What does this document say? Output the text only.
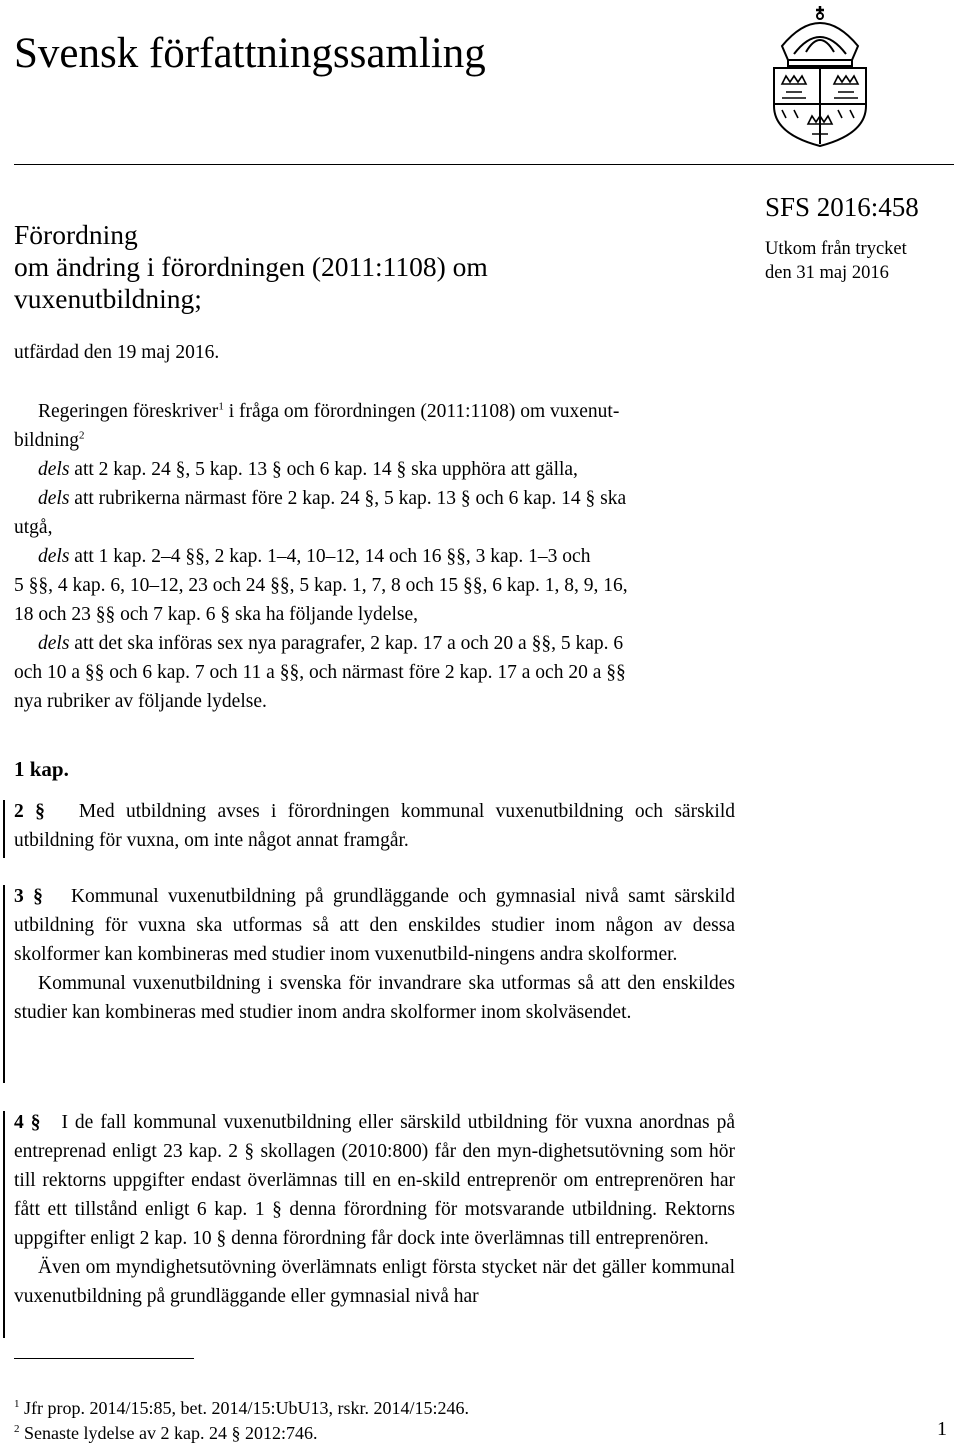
Svensk författningssamling
Förordning
om ändring i förordningen (2011:1108) om
vuxenutbildning;
SFS 2016:458
Utkom från trycket
den 31 maj 2016
utfärdad den 19 maj 2016.
Regeringen föreskriver$^1$ i fråga om förordningen (2011:1108) om vuxenut-
bildning$^2$
dels att 2 kap. 24 §, 5 kap. 13 § och 6 kap. 14 § ska upphöra att gälla,
dels att rubrikerna närmast före 2 kap. 24 §, 5 kap. 13 § och 6 kap. 14 § ska
utgå,
dels att 1 kap. 2–4 §§, 2 kap. 1–4, 10–12, 14 och 16 §§, 3 kap. 1–3 och
5 §§, 4 kap. 6, 10–12, 23 och 24 §§, 5 kap. 1, 7, 8 och 15 §§, 6 kap. 1, 8, 9, 16,
18 och 23 §§ och 7 kap. 6 § ska ha följande lydelse,
dels att det ska införas sex nya paragrafer, 2 kap. 17 a och 20 a §§, 5 kap. 6
och 10 a §§ och 6 kap. 7 och 11 a §§, och närmast före 2 kap. 17 a och 20 a §§
nya rubriker av följande lydelse.
1 kap.

2 § Med utbildning avses i förordningen kommunal vuxenutbildning och särskild utbildning för vuxna, om inte något annat framgår.

3 § Kommunal vuxenutbildning på grundläggande och gymnasial nivå samt särskild utbildning för vuxna ska utformas så att den enskildes studier inom någon av dessa skolformer kan kombineras med studier inom vuxenutbild-ningens andra skolformer.

Kommunal vuxenutbildning i svenska för invandrare ska utformas så att den enskildes studier kan kombineras med studier inom andra skolformer inom skolväsendet.

4 § I de fall kommunal vuxenutbildning eller särskild utbildning för vuxna anordnas på entreprenad enligt 23 kap. 2 § skollagen (2010:800) får den myn-dighetsutövning som hör till rektorns uppgifter endast överlämnas till en en-skild entreprenör om entreprenören har fått ett tillstånd enligt 6 kap. 1 § denna förordning för motsvarande utbildning. Rektorns uppgifter enligt 2 kap. 10 § denna förordning får dock inte överlämnas till entreprenören.

Även om myndighetsutövning överlämnats enligt första stycket när det gäller kommunal vuxenutbildning på grundläggande eller gymnasial nivå har

$^1$ Jfr prop. 2014/15:85, bet. 2014/15:UbU13, rskr. 2014/15:246.
$^2$ Senaste lydelse av 2 kap. 24 § 2012:746.	1
